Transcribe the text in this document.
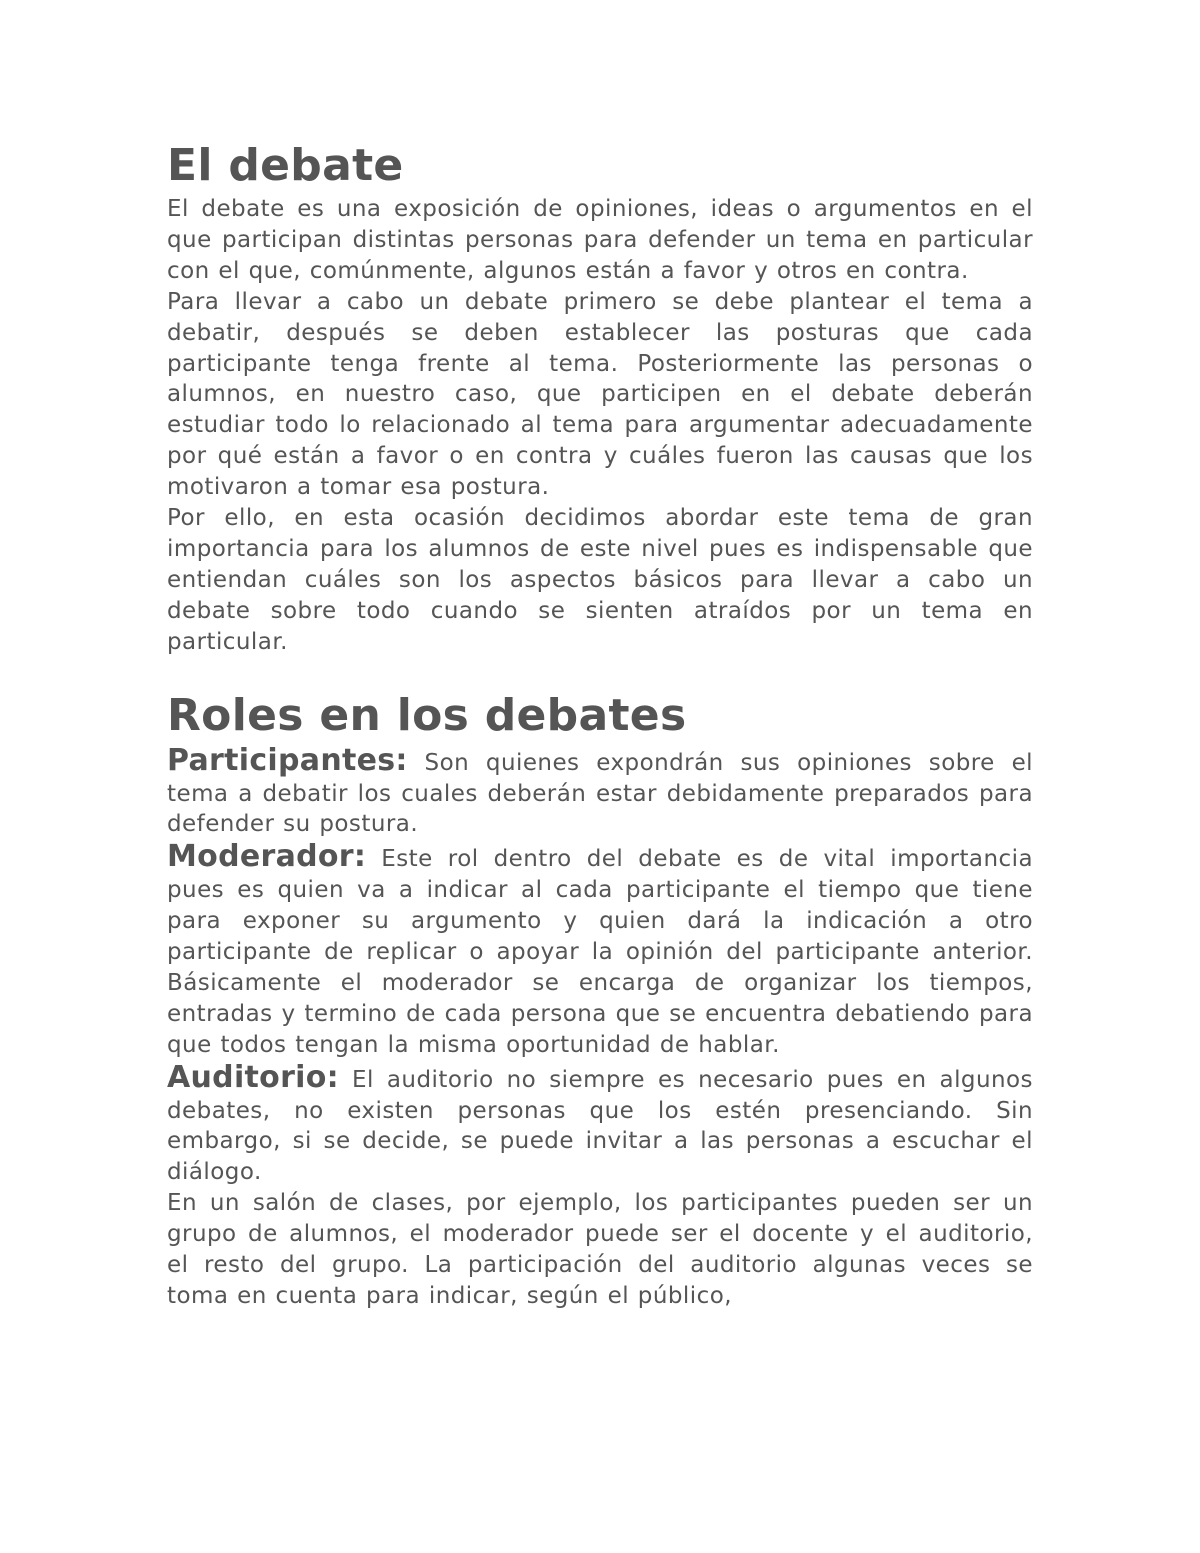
El debate

El debate es una exposición de opiniones, ideas o argumentos en el que participan distintas personas para defender un tema en particular con el que, comúnmente, algunos están a favor y otros en contra.

Para llevar a cabo un debate primero se debe plantear el tema a debatir, después se deben establecer las posturas que cada participante tenga frente al tema. Posteriormente las personas o alumnos, en nuestro caso, que participen en el debate deberán estudiar todo lo relacionado al tema para argumentar adecuadamente por qué están a favor o en contra y cuáles fueron las causas que los motivaron a tomar esa postura.

Por ello, en esta ocasión decidimos abordar este tema de gran importancia para los alumnos de este nivel pues es indispensable que entiendan cuáles son los aspectos básicos para llevar a cabo un debate sobre todo cuando se sienten atraídos por un tema en particular.

Roles en los debates

Participantes: Son quienes expondrán sus opiniones sobre el tema a debatir los cuales deberán estar debidamente preparados para defender su postura.

Moderador: Este rol dentro del debate es de vital importancia pues es quien va a indicar al cada participante el tiempo que tiene para exponer su argumento y quien dará la indicación a otro participante de replicar o apoyar la opinión del participante anterior. Básicamente el moderador se encarga de organizar los tiempos, entradas y termino de cada persona que se encuentra debatiendo para que todos tengan la misma oportunidad de hablar.

Auditorio: El auditorio no siempre es necesario pues en algunos debates, no existen personas que los estén presenciando. Sin embargo, si se decide, se puede invitar a las personas a escuchar el diálogo.

En un salón de clases, por ejemplo, los participantes pueden ser un grupo de alumnos, el moderador puede ser el docente y el auditorio, el resto del grupo. La participación del auditorio algunas veces se toma en cuenta para indicar, según el público,
